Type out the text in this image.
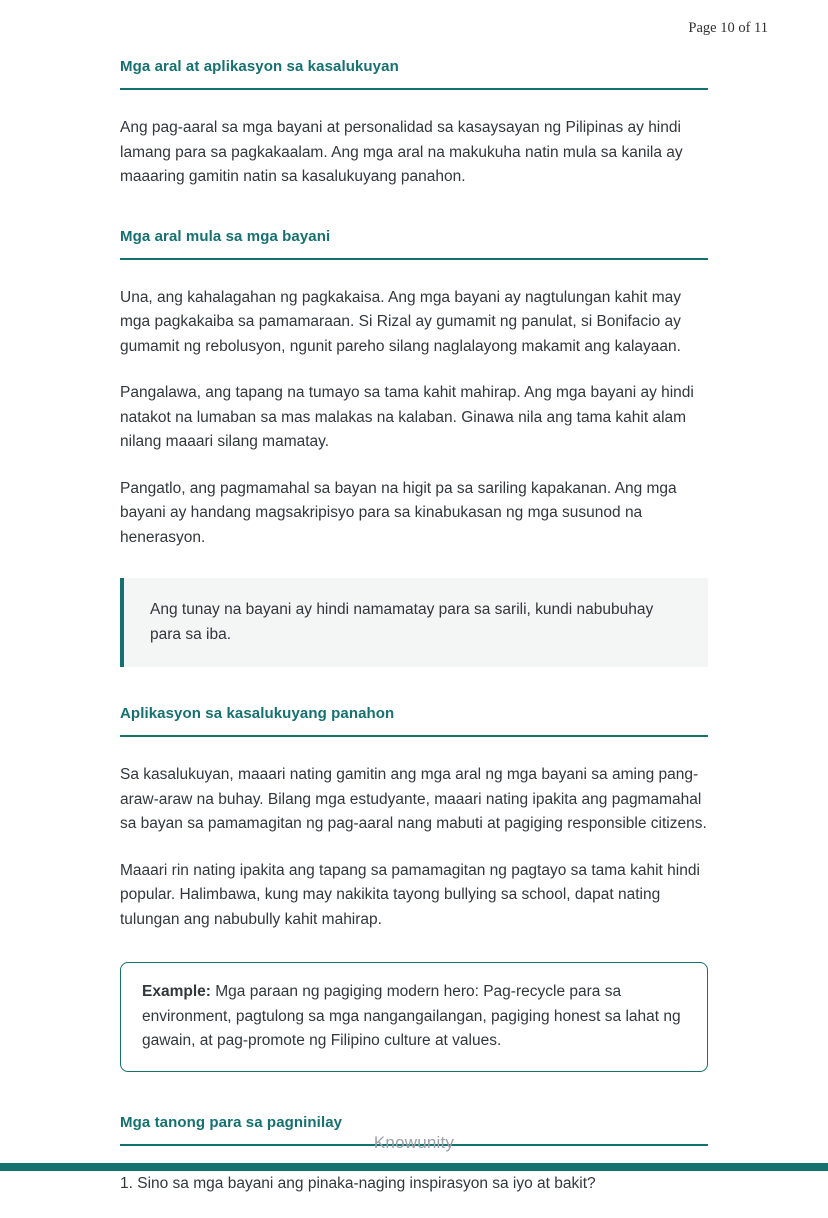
Page 10 of 11
Mga aral at aplikasyon sa kasalukuyan

Ang pag-aaral sa mga bayani at personalidad sa kasaysayan ng Pilipinas ay hindi lamang para sa pagkakaalam. Ang mga aral na makukuha natin mula sa kanila ay maaaring gamitin natin sa kasalukuyang panahon.

Mga aral mula sa mga bayani

Una, ang kahalagahan ng pagkakaisa. Ang mga bayani ay nagtulungan kahit may mga pagkakaiba sa pamamaraan. Si Rizal ay gumamit ng panulat, si Bonifacio ay gumamit ng rebolusyon, ngunit pareho silang naglalayong makamit ang kalayaan.

Pangalawa, ang tapang na tumayo sa tama kahit mahirap. Ang mga bayani ay hindi natakot na lumaban sa mas malakas na kalaban. Ginawa nila ang tama kahit alam nilang maaari silang mamatay.

Pangatlo, ang pagmamahal sa bayan na higit pa sa sariling kapakanan. Ang mga bayani ay handang magsakripisyo para sa kinabukasan ng mga susunod na henerasyon.

Ang tunay na bayani ay hindi namamatay para sa sarili, kundi nabubuhay para sa iba.

Aplikasyon sa kasalukuyang panahon

Sa kasalukuyan, maaari nating gamitin ang mga aral ng mga bayani sa aming pang-araw-araw na buhay. Bilang mga estudyante, maaari nating ipakita ang pagmamahal sa bayan sa pamamagitan ng pag-aaral nang mabuti at pagiging responsible citizens.

Maaari rin nating ipakita ang tapang sa pamamagitan ng pagtayo sa tama kahit hindi popular. Halimbawa, kung may nakikita tayong bullying sa school, dapat nating tulungan ang nabubully kahit mahirap.

Example: Mga paraan ng pagiging modern hero: Pag-recycle para sa environment, pagtulong sa mga nangangailangan, pagiging honest sa lahat ng gawain, at pag-promote ng Filipino culture at values.

Mga tanong para sa pagninilay

1. Sino sa mga bayani ang pinaka-naging inspirasyon sa iyo at bakit?

Knowunity
